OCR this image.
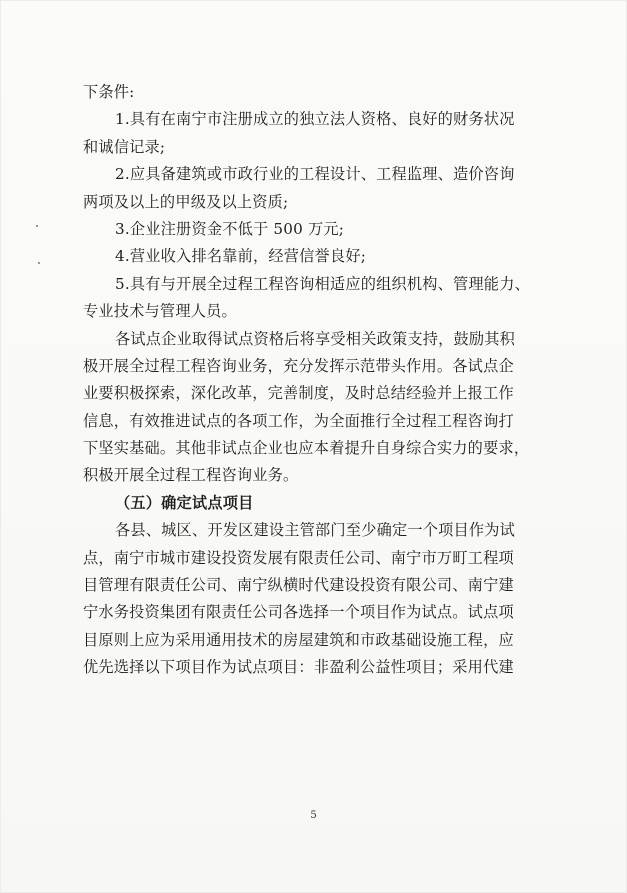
下条件:
1.具有在南宁市注册成立的独立法人资格、良好的财务状况
和诚信记录;
2.应具备建筑或市政行业的工程设计、工程监理、造价咨询
两项及以上的甲级及以上资质;
3.企业注册资金不低于 500 万元;
4.营业收入排名靠前，经营信誉良好;
5.具有与开展全过程工程咨询相适应的组织机构、管理能力、
专业技术与管理人员。
各试点企业取得试点资格后将享受相关政策支持，鼓励其积
极开展全过程工程咨询业务，充分发挥示范带头作用。各试点企
业要积极探索，深化改革，完善制度，及时总结经验并上报工作
信息，有效推进试点的各项工作，为全面推行全过程工程咨询打
下坚实基础。其他非试点企业也应本着提升自身综合实力的要求，
积极开展全过程工程咨询业务。
（五）确定试点项目
各县、城区、开发区建设主管部门至少确定一个项目作为试
点，南宁市城市建设投资发展有限责任公司、南宁市万町工程项
目管理有限责任公司、南宁纵横时代建设投资有限公司、南宁建
宁水务投资集团有限责任公司各选择一个项目作为试点。试点项
目原则上应为采用通用技术的房屋建筑和市政基础设施工程，应
优先选择以下项目作为试点项目：非盈利公益性项目；采用代建
5
